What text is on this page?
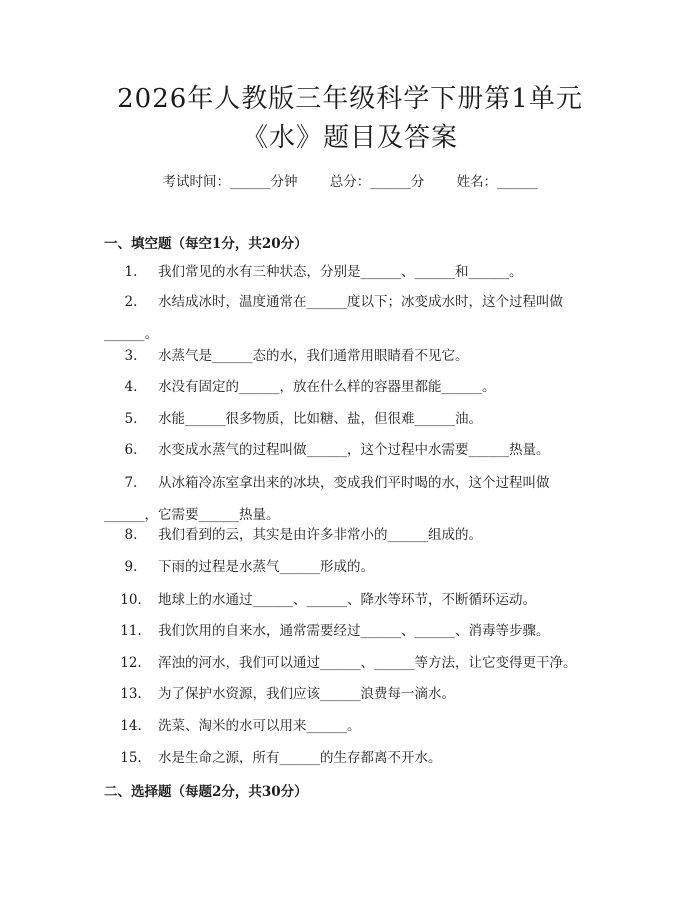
2026年人教版三年级科学下册第1单元
《水》题目及答案
考试时间：______分钟 总分：______分 姓名：______
一、填空题（每空1分，共20分）
1. 我们常见的水有三种状态，分别是______、______和______。
2. 水结成冰时，温度通常在______度以下；冰变成水时，这个过程叫做
______。
3. 水蒸气是______态的水，我们通常用眼睛看不见它。
4. 水没有固定的______，放在什么样的容器里都能______。
5. 水能______很多物质，比如糖、盐，但很难______油。
6. 水变成水蒸气的过程叫做______，这个过程中水需要______热量。
7. 从冰箱冷冻室拿出来的冰块，变成我们平时喝的水，这个过程叫做
______，它需要______热量。
8. 我们看到的云，其实是由许多非常小的______组成的。
9. 下雨的过程是水蒸气______形成的。
10. 地球上的水通过______、______、降水等环节，不断循环运动。
11. 我们饮用的自来水，通常需要经过______、______、消毒等步骤。
12. 浑浊的河水，我们可以通过______、______等方法，让它变得更干净。
13. 为了保护水资源，我们应该______浪费每一滴水。
14. 洗菜、淘米的水可以用来______。
15. 水是生命之源，所有______的生存都离不开水。
二、选择题（每题2分，共30分）
